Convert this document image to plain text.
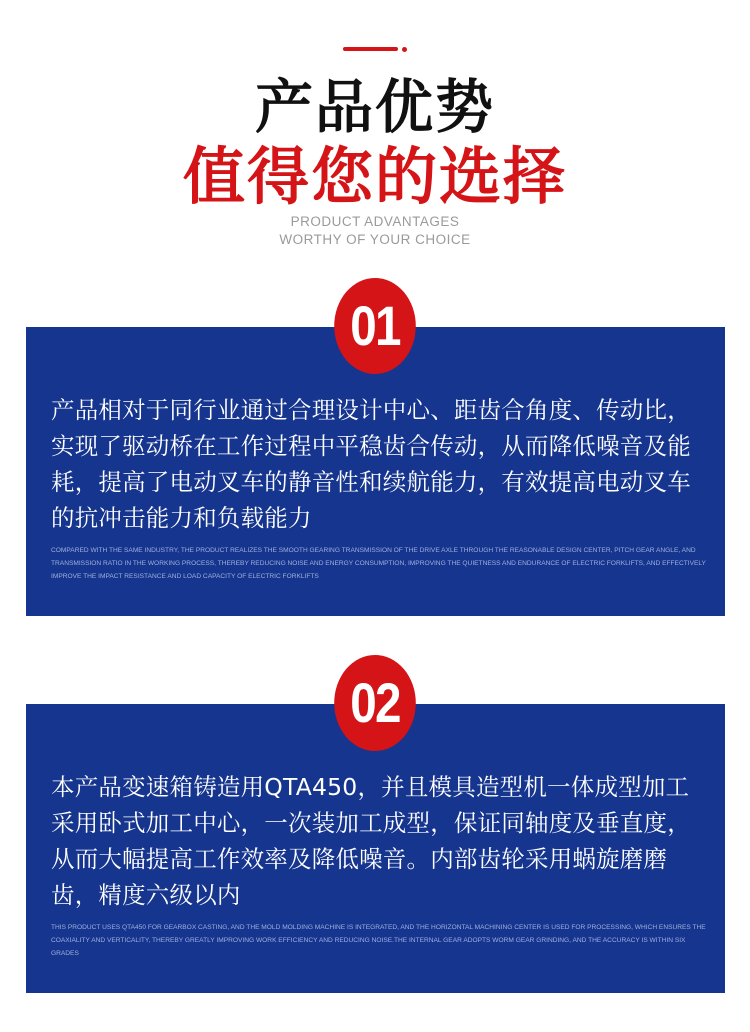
产品优势
值得您的选择
PRODUCT ADVANTAGES
WORTHY OF YOUR CHOICE
产品相对于同行业通过合理设计中心、距齿合角度、传动比，实现了驱动桥在工作过程中平稳齿合传动，从而降低噪音及能耗，提高了电动叉车的静音性和续航能力，有效提高电动叉车的抗冲击能力和负载能力
COMPARED WITH THE SAME INDUSTRY, THE PRODUCT REALIZES THE SMOOTH GEARING TRANSMISSION OF THE DRIVE AXLE THROUGH THE REASONABLE DESIGN CENTER, PITCH GEAR ANGLE, AND TRANSMISSION RATIO IN THE WORKING PROCESS, THEREBY REDUCING NOISE AND ENERGY CONSUMPTION, IMPROVING THE QUIETNESS AND ENDURANCE OF ELECTRIC FORKLIFTS, AND EFFECTIVELY IMPROVE THE IMPACT RESISTANCE AND LOAD CAPACITY OF ELECTRIC FORKLIFTS
01
本产品变速箱铸造用QTA450，并且模具造型机一体成型加工采用卧式加工中心，一次装加工成型，保证同轴度及垂直度，从而大幅提高工作效率及降低噪音。内部齿轮采用蜗旋磨磨齿，精度六级以内
THIS PRODUCT USES QTA450 FOR GEARBOX CASTING, AND THE MOLD MOLDING MACHINE IS INTEGRATED, AND THE HORIZONTAL MACHINING CENTER IS USED FOR PROCESSING, WHICH ENSURES THE COAXIALITY AND VERTICALITY, THEREBY GREATLY IMPROVING WORK EFFICIENCY AND REDUCING NOISE.THE INTERNAL GEAR ADOPTS WORM GEAR GRINDING, AND THE ACCURACY IS WITHIN SIX GRADES
02
